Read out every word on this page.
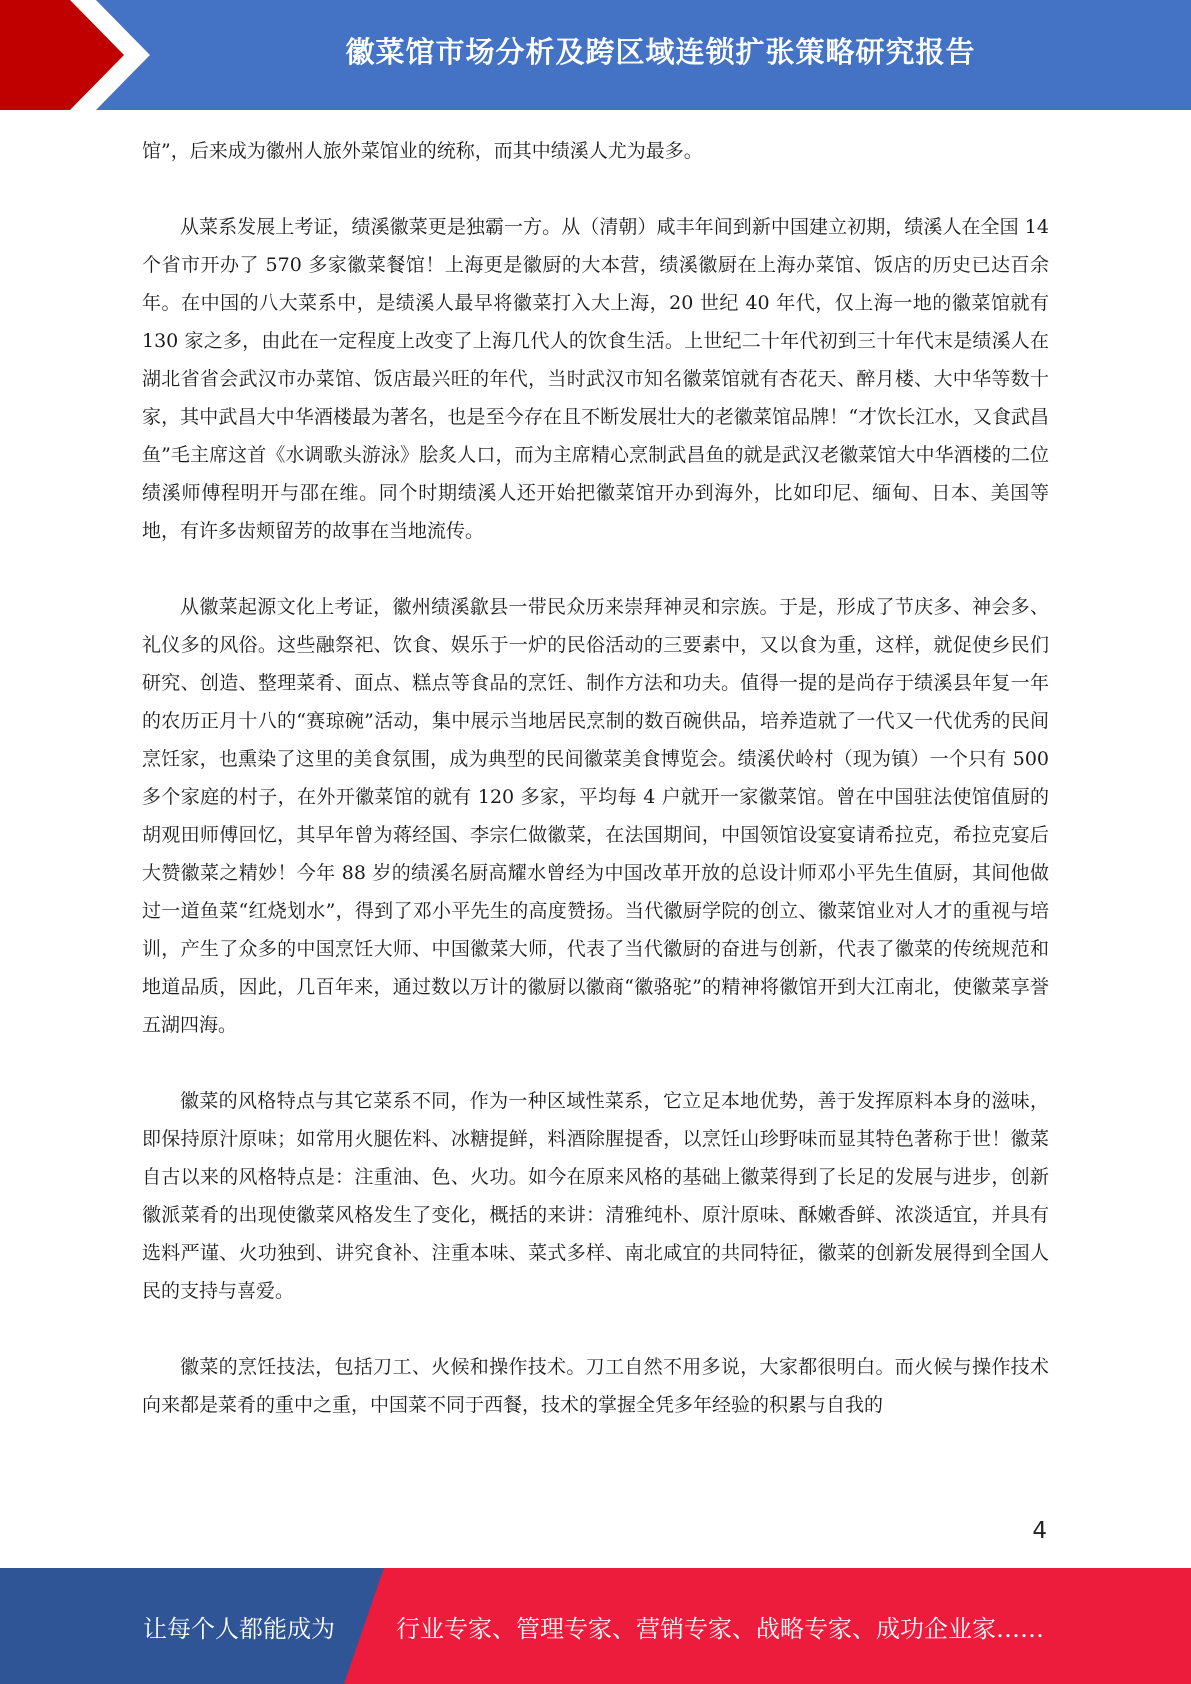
徽菜馆市场分析及跨区域连锁扩张策略研究报告

馆”，后来成为徽州人旅外菜馆业的统称，而其中绩溪人尤为最多。

从菜系发展上考证，绩溪徽菜更是独霸一方。从（清朝）咸丰年间到新中国建立初期，绩溪人在全国 14 个省市开办了 570 多家徽菜餐馆！上海更是徽厨的大本营，绩溪徽厨在上海办菜馆、饭店的历史已达百余年。在中国的八大菜系中，是绩溪人最早将徽菜打入大上海，20 世纪 40 年代，仅上海一地的徽菜馆就有 130 家之多，由此在一定程度上改变了上海几代人的饮食生活。上世纪二十年代初到三十年代末是绩溪人在湖北省省会武汉市办菜馆、饭店最兴旺的年代，当时武汉市知名徽菜馆就有杏花天、醉月楼、大中华等数十家，其中武昌大中华酒楼最为著名，也是至今存在且不断发展壮大的老徽菜馆品牌！“才饮长江水，又食武昌鱼”毛主席这首《水调歌头游泳》脍炙人口，而为主席精心烹制武昌鱼的就是武汉老徽菜馆大中华酒楼的二位绩溪师傅程明开与邵在维。同个时期绩溪人还开始把徽菜馆开办到海外，比如印尼、缅甸、日本、美国等地，有许多齿颊留芳的故事在当地流传。

从徽菜起源文化上考证，徽州绩溪歙县一带民众历来崇拜神灵和宗族。于是，形成了节庆多、神会多、礼仪多的风俗。这些融祭祀、饮食、娱乐于一炉的民俗活动的三要素中，又以食为重，这样，就促使乡民们研究、创造、整理菜肴、面点、糕点等食品的烹饪、制作方法和功夫。值得一提的是尚存于绩溪县年复一年的农历正月十八的“赛琼碗”活动，集中展示当地居民烹制的数百碗供品，培养造就了一代又一代优秀的民间烹饪家，也熏染了这里的美食氛围，成为典型的民间徽菜美食博览会。绩溪伏岭村（现为镇）一个只有 500 多个家庭的村子，在外开徽菜馆的就有 120 多家，平均每 4 户就开一家徽菜馆。曾在中国驻法使馆值厨的胡观田师傅回忆，其早年曾为蒋经国、李宗仁做徽菜，在法国期间，中国领馆设宴宴请希拉克，希拉克宴后大赞徽菜之精妙！今年 88 岁的绩溪名厨高耀水曾经为中国改革开放的总设计师邓小平先生值厨，其间他做过一道鱼菜“红烧划水”，得到了邓小平先生的高度赞扬。当代徽厨学院的创立、徽菜馆业对人才的重视与培训，产生了众多的中国烹饪大师、中国徽菜大师，代表了当代徽厨的奋进与创新，代表了徽菜的传统规范和地道品质，因此，几百年来，通过数以万计的徽厨以徽商“徽骆驼”的精神将徽馆开到大江南北，使徽菜享誉五湖四海。

徽菜的风格特点与其它菜系不同，作为一种区域性菜系，它立足本地优势，善于发挥原料本身的滋味，即保持原汁原味；如常用火腿佐料、冰糖提鲜，料酒除腥提香，以烹饪山珍野味而显其特色著称于世！徽菜自古以来的风格特点是：注重油、色、火功。如今在原来风格的基础上徽菜得到了长足的发展与进步，创新徽派菜肴的出现使徽菜风格发生了变化，概括的来讲：清雅纯朴、原汁原味、酥嫩香鲜、浓淡适宜，并具有选料严谨、火功独到、讲究食补、注重本味、菜式多样、南北咸宜的共同特征，徽菜的创新发展得到全国人民的支持与喜爱。

徽菜的烹饪技法，包括刀工、火候和操作技术。刀工自然不用多说，大家都很明白。而火候与操作技术向来都是菜肴的重中之重，中国菜不同于西餐，技术的掌握全凭多年经验的积累与自我的

4
让每个人都能成为	行业专家、管理专家、营销专家、战略专家、成功企业家……
